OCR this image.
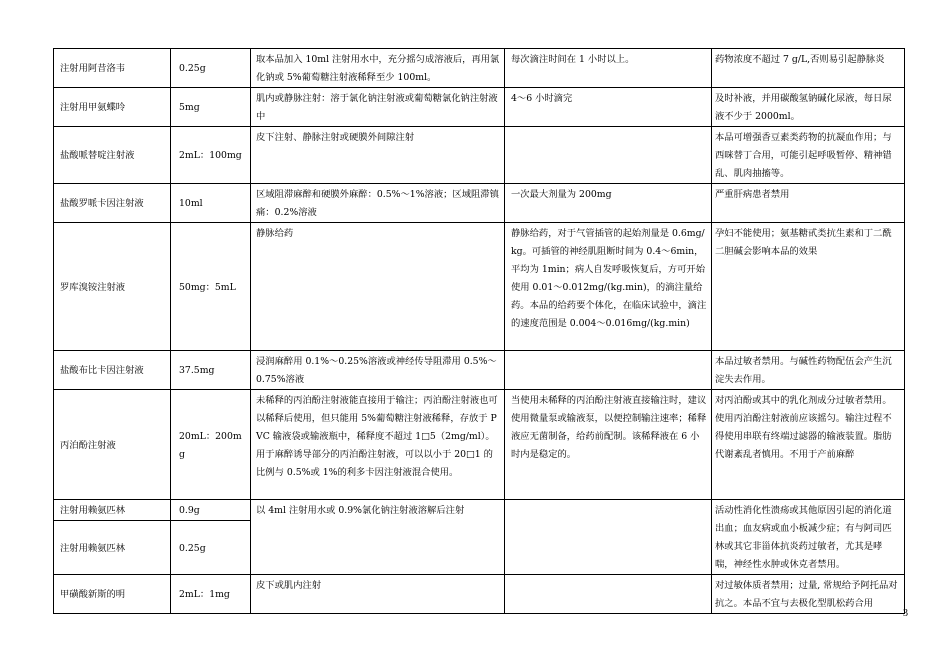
注射用阿昔洛韦	0.25g	取本品加入 10ml 注射用水中，充分摇匀成溶液后，再用氯化钠或 5%葡萄糖注射液稀释至少 100ml。	每次滴注时间在 1 小时以上。	药物浓度不超过 7 g/L,否则易引起静脉炎
注射用甲氨蝶呤	5mg	肌内或静脉注射：溶于氯化钠注射液或葡萄糖氯化钠注射液中	4～6 小时滴完	及时补液，并用碳酸氢钠碱化尿液，每日尿液不少于 2000ml。
盐酸哌替啶注射液	2mL：100mg	皮下注射、静脉注射或硬膜外间隙注射		本品可增强香豆素类药物的抗凝血作用；与西咪替丁合用，可能引起呼吸暂停、精神错乱、肌肉抽搐等。
盐酸罗哌卡因注射液	10ml	区域阻滞麻醉和硬膜外麻醉：0.5%～1%溶液；区域阻滞镇痛：0.2%溶液	一次最大剂量为 200mg	严重肝病患者禁用
罗库溴铵注射液	50mg：5mL	静脉给药	静脉给药，对于气管插管的起始剂量是 0.6mg/kg。可插管的神经肌阻断时间为 0.4～6min，平均为 1min；病人自发呼吸恢复后，方可开始使用 0.01～0.012mg/(kg.min)，的滴注量给药。本品的给药要个体化，在临床试验中，滴注的速度范围是 0.004～0.016mg/(kg.min)	孕妇不能使用；氨基糖甙类抗生素和丁二酰二胆碱会影响本品的效果
盐酸布比卡因注射液	37.5mg	浸润麻醉用 0.1%～0.25%溶液或神经传导阻滞用 0.5%～0.75%溶液		本品过敏者禁用。与碱性药物配伍会产生沉淀失去作用。
丙泊酚注射液	20mL：200mg	未稀释的丙泊酚注射液能直接用于输注；丙泊酚注射液也可以稀释后使用，但只能用 5%葡萄糖注射液稀释，存放于 PVC 输液袋或输液瓶中，稀释度不超过 1□5（2mg/ml）。用于麻醉诱导部分的丙泊酚注射液，可以以小于 20□1 的比例与 0.5%或 1%的利多卡因注射液混合使用。	当使用未稀释的丙泊酚注射液直接输注时，建议使用微量泵或输液泵，以便控制输注速率；稀释液应无菌制备，给药前配制。该稀释液在 6 小时内是稳定的。	对丙泊酚或其中的乳化剂成分过敏者禁用。使用丙泊酚注射液前应该摇匀。输注过程不得使用串联有终端过滤器的输液装置。脂肪代谢紊乱者慎用。不用于产前麻醉
注射用赖氨匹林	0.9g	以 4ml 注射用水或 0.9%氯化钠注射液溶解后注射		活动性消化性溃疡或其他原因引起的消化道出血；血友病或血小板减少症；有与阿司匹林或其它非甾体抗炎药过敏者，尤其是哮喘，神经性水肿或休克者禁用。
注射用赖氨匹林	0.25g			
甲磺酸新斯的明	2mL：1mg	皮下或肌内注射		对过敏体质者禁用；过量, 常规给予阿托品对抗之。本品不宜与去极化型肌松药合用
3
